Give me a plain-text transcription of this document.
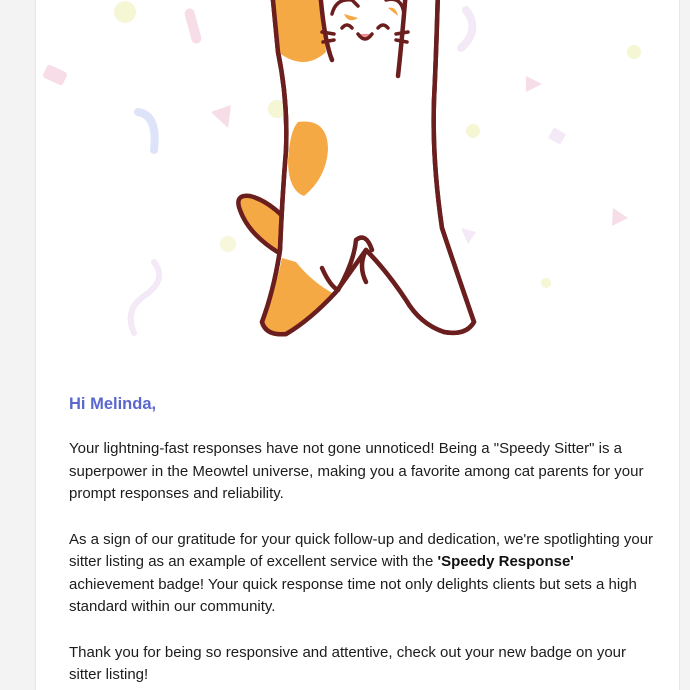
Hi Melinda,

Your lightning-fast responses have not gone unnoticed! Being a "Speedy Sitter" is a superpower in the Meowtel universe, making you a favorite among cat parents for your prompt responses and reliability.

As a sign of our gratitude for your quick follow-up and dedication, we're spotlighting your sitter listing as an example of excellent service with the 'Speedy Response' achievement badge! Your quick response time not only delights clients but sets a high standard within our community.

Thank you for being so responsive and attentive, check out your new badge on your sitter listing!
